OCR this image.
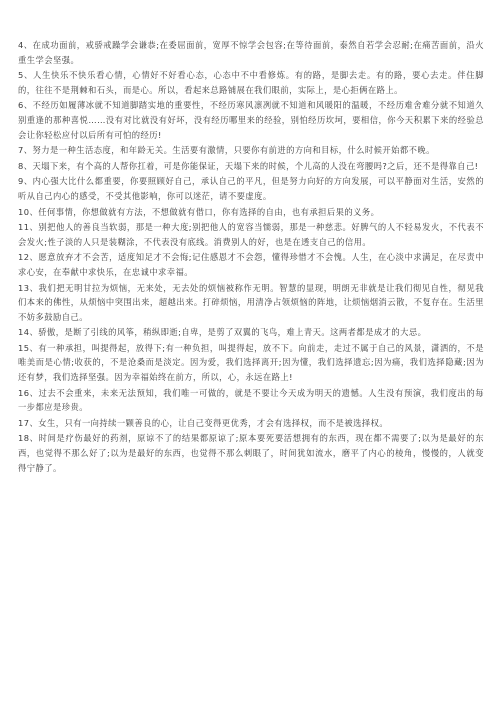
4、在成功面前，戒骄戒躁学会谦恭;在委屈面前，宽厚不惊学会包容;在等待面前，泰然自若学会忍耐;在痛苦面前，沿火重生学会坚强。

5、人生快乐不快乐看心情，心情好不好看心态，心态中不中看修炼。有的路，是脚去走。有的路，要心去走。伴住脚的，往往不是荆棘和石头，而是心。所以，看起来总路铺展在我们眼前，实际上，是心拒俩在路上。

6、不经历如履薄冰就不知道脚踏实地的重要性，不经历寒风凛冽就不知道和风暖阳的温暖，不经历难舍难分就不知道久别重逢的那种喜悦……没有对比就没有好坏，没有经历哪里来的经验，别怕经历坎坷，要相信，你今天积累下来的经验总会让你轻松应付以后所有可怕的经历!

7、努力是一种生活态度，和年龄无关。生活要有激情，只要你有前进的方向和目标，什么时候开始都不晚。

8、天塌下来，有个高的人帮你扛着，可是你能保证，天塌下来的时候，个儿高的人没在弯腰吗?之后，还不是得靠自己!

9、内心强大比什么都重要，你要照顾好自己，承认自己的平凡，但是努力向好的方向发展，可以平静面对生活，安然的听从自己内心的感受，不受其他影响，你可以迷茫，请不要虚度。

10、任何事情，你想做就有方法，不想做就有借口，你有选择的自由，也有承担后果的义务。

11、别把他人的善良当软弱，那是一种大度;别把他人的宽容当懦弱，那是一种慈悲。好脾气的人不轻易发火，不代表不会发火;性子淡的人只是装糊涂，不代表没有底线。消费别人的好，也是在透支自己的信用。

12、愿意放弃才不会苦，适度知足才不会悔;记住感恩才不会怨，懂得珍惜才不会愧。人生，在心淡中求满足，在尽责中求心安，在奉献中求快乐，在忠诚中求幸福。

13、我们把无明甘拉为烦恼，无来处，无去处的烦恼被称作无明。智慧的显现，明朗无非就是让我们彻见自性，彻见我们本来的佛性，从烦恼中突围出来，超越出来。打碎烦恼，用清净占领烦恼的阵地，让烦恼烟消云散，不复存在。生活里不妨多鼓励自己。

14、骄傲，是断了引线的风筝，稍纵即逝;自卑，是剪了双翼的飞鸟，难上青天。这两者都是成才的大忌。

15、有一种承担，叫提得起，放得下;有一种负担，叫提得起，放不下。向前走，走过不属于自己的风景，潇洒的，不是唯美而是心情;收获的，不是沧桑而是淡定。因为爱，我们选择离开;因为懂，我们选择遗忘;因为痛，我们选择隐藏;因为还有梦，我们选择坚强。因为幸福始终在前方，所以，心，永远在路上!

16、过去不会重来，未来无法预知，我们唯一可做的，就是不要让今天成为明天的遗憾。人生没有预演，我们度出的每一步都应是珍贵。

17、女生，只有一向持续一颗善良的心，让自己变得更优秀，才会有选择权，而不是被选择权。

18、时间是疗伤最好的药剂，原谅不了的结果都原谅了;原本要死要活想拥有的东西，现在都不需要了;以为是最好的东西，也觉得不那么好了;以为是最好的东西，也觉得不那么刺眼了，时间犹如流水，磨平了内心的棱角，慢慢的，人就变得宁静了。
